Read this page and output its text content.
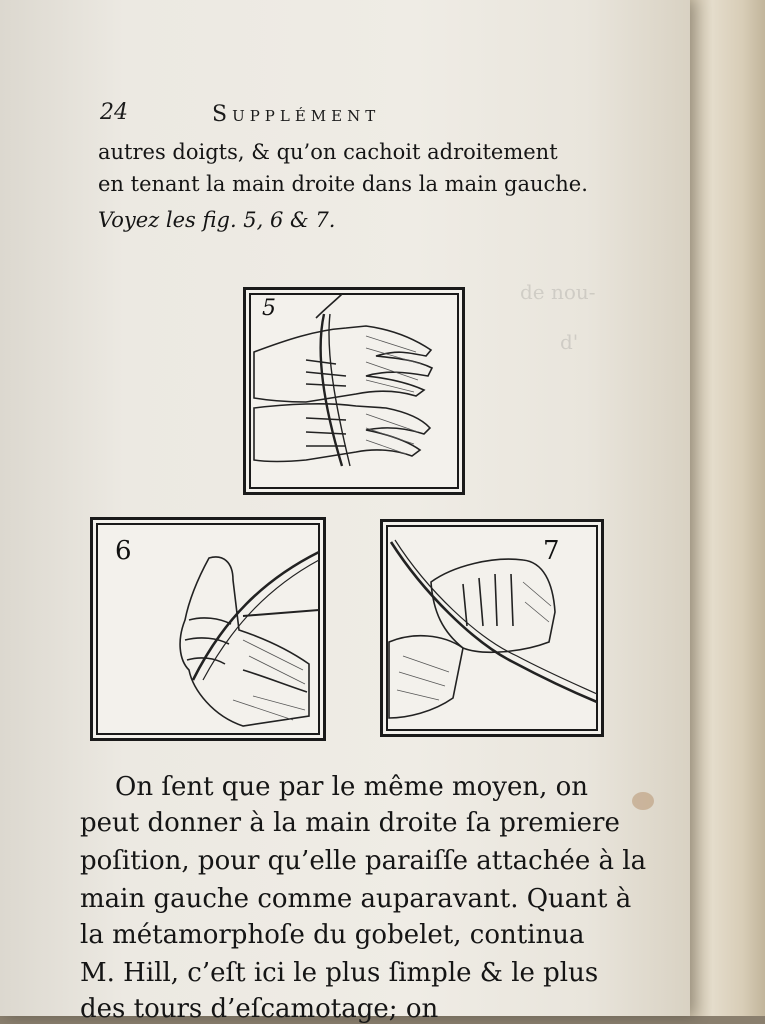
de nou-
d'
24	Supplément
autres doigts, & qu’on cachoit adroitement
en tenant la main droite dans la main gauche.
Voyez les fig. 5, 6 & 7.
5
6	7
On ſent que par le même moyen, on
peut donner à la main droite ſa premiere
poſition, pour qu’elle paraiſſe attachée à la
main gauche comme auparavant. Quant à
la métamorphoſe du gobelet, continua
M. Hill, c’eſt ici le plus ſimple & le plus
des tours d’eſcamotage; on
